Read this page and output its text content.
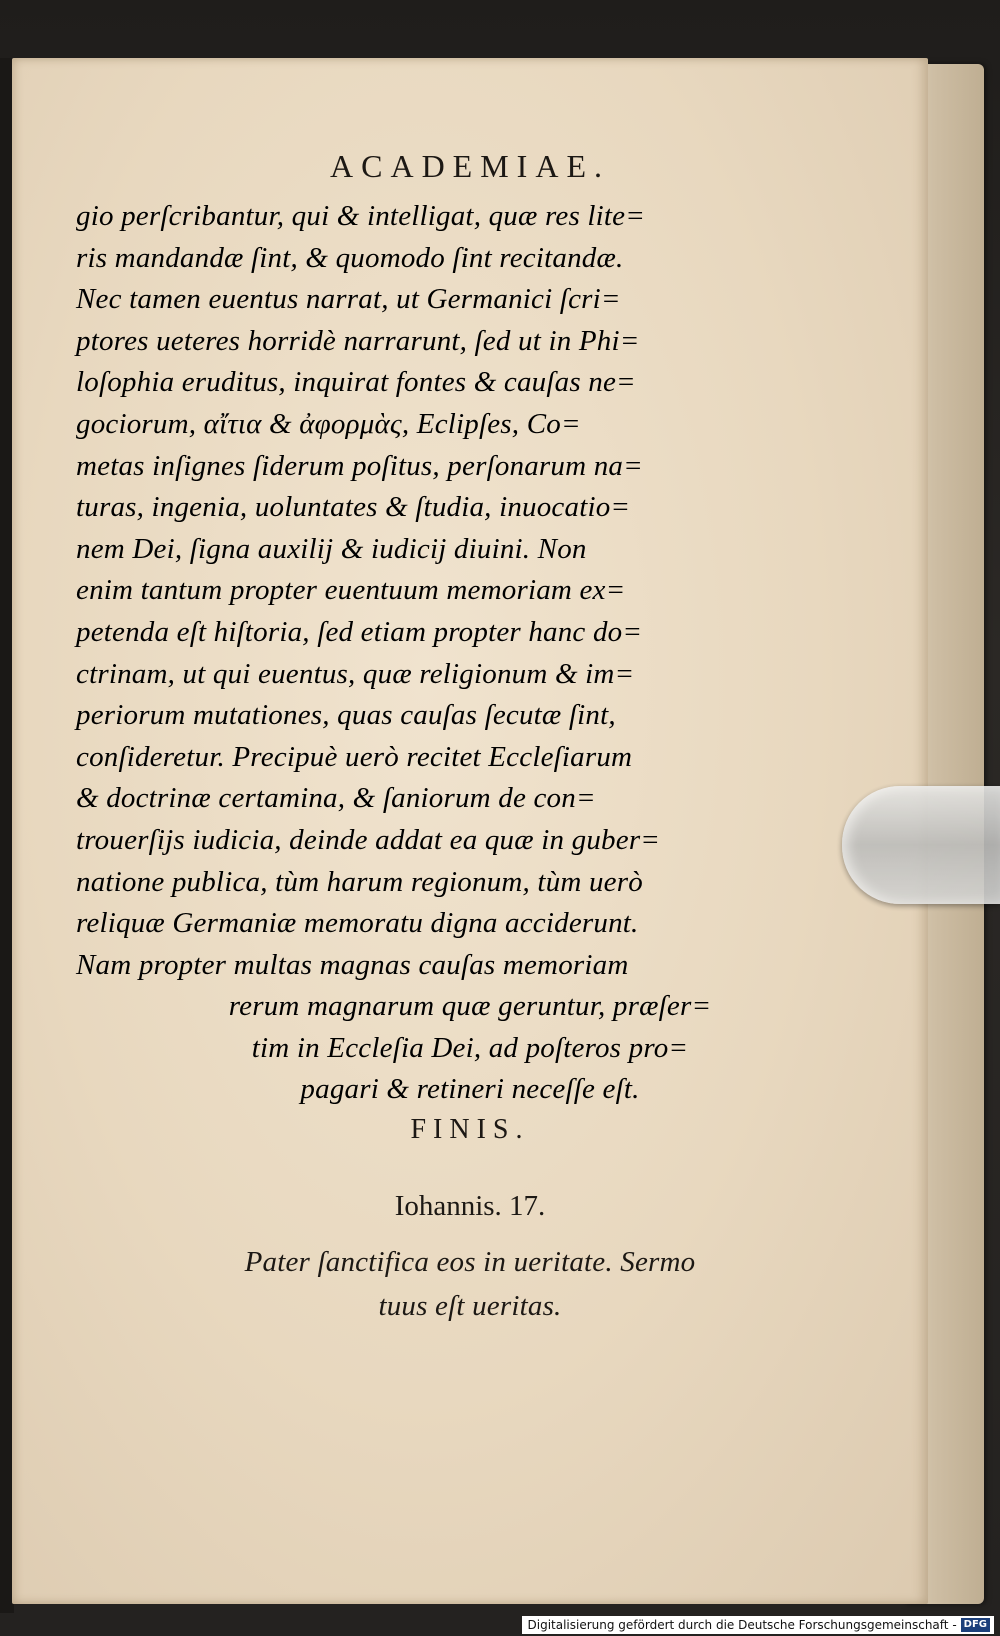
ACADEMIAE.
gio perſcribantur, qui & intelligat, quæ res lite=
ris mandandæ ſint, & quomodo ſint recitandæ.
Nec tamen euentus narrat, ut Germanici ſcri=
ptores ueteres horridè narrarunt, ſed ut in Phi=
loſophia eruditus, inquirat fontes & cauſas ne=
gociorum, αἴτια & ἀφορμὰς, Eclipſes, Co=
metas inſignes ſiderum poſitus, perſonarum na=
turas, ingenia, uoluntates & ſtudia, inuocatio=
nem Dei, ſigna auxilij & iudicij diuini. Non
enim tantum propter euentuum memoriam ex=
petenda eſt hiſtoria, ſed etiam propter hanc do=
ctrinam, ut qui euentus, quæ religionum & im=
periorum mutationes, quas cauſas ſecutæ ſint,
conſideretur. Precipuè uerò recitet Eccleſiarum
& doctrinæ certamina, & ſaniorum de con=
trouerſijs iudicia, deinde addat ea quæ in guber=
natione publica, tùm harum regionum, tùm uerò
reliquæ Germaniæ memoratu digna acciderunt.
Nam propter multas magnas cauſas memoriam
rerum magnarum quæ geruntur, præſer=
tim in Eccleſia Dei, ad poſteros pro=
pagari & retineri neceſſe eſt.
FINIS.
Iohannis. 17.
Pater ſanctifica eos in ueritate. Sermo
tuus eſt ueritas.
Digitalisierung gefördert durch die Deutsche Forschungsgemeinschaft - DFG
